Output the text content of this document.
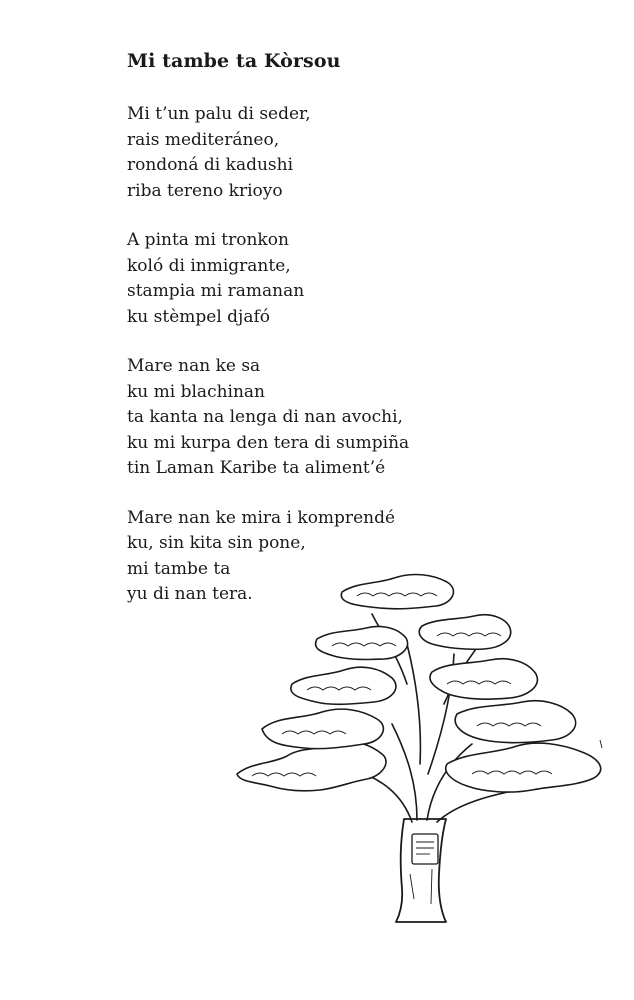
Mi tambe ta Kòrsou
Mi t’un palu di seder,
rais mediteráneo,
rondoná di kadushi
riba tereno krioyo
A pinta mi tronkon
koló di inmigrante,
stampia mi ramanan
ku stèmpel djafó
Mare nan ke sa
ku mi blachinan
ta kanta na lenga di nan avochi,
ku mi kurpa den tera di sumpiña
tin Laman Karibe ta aliment’é
Mare nan ke mira i komprendé
ku, sin kita sin pone,
mi tambe ta
yu di nan tera.
